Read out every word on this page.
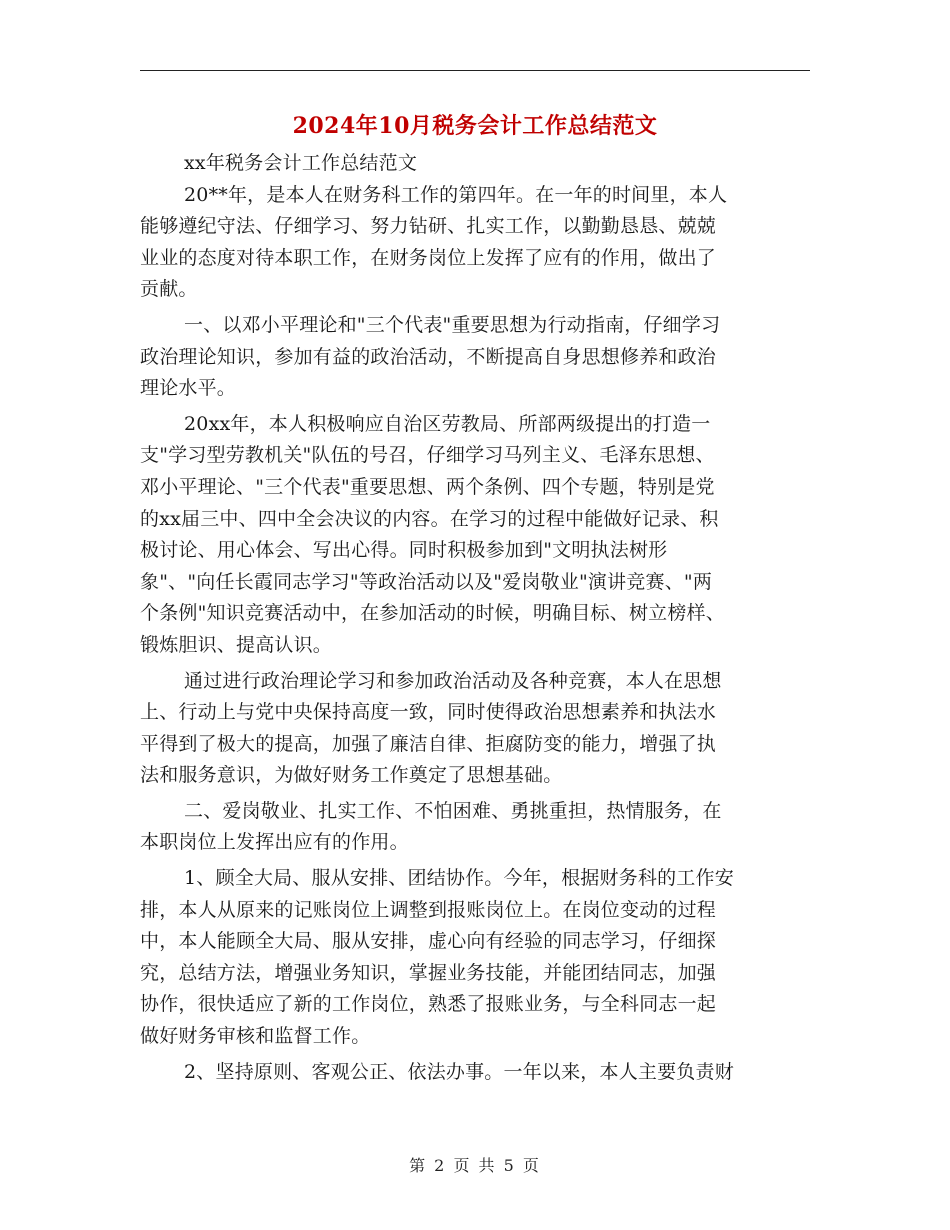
2024年10月税务会计工作总结范文
xx年税务会计工作总结范文
20**年，是本人在财务科工作的第四年。在一年的时间里，本人
能够遵纪守法、仔细学习、努力钻研、扎实工作，以勤勤恳恳、兢兢
业业的态度对待本职工作，在财务岗位上发挥了应有的作用，做出了
贡献。
一、以邓小平理论和"三个代表"重要思想为行动指南，仔细学习
政治理论知识，参加有益的政治活动，不断提高自身思想修养和政治
理论水平。
20xx年，本人积极响应自治区劳教局、所部两级提出的打造一
支"学习型劳教机关"队伍的号召，仔细学习马列主义、毛泽东思想、
邓小平理论、"三个代表"重要思想、两个条例、四个专题，特别是党
的xx届三中、四中全会决议的内容。在学习的过程中能做好记录、积
极讨论、用心体会、写出心得。同时积极参加到"文明执法树形
象"、"向任长霞同志学习"等政治活动以及"爱岗敬业"演讲竞赛、"两
个条例"知识竞赛活动中，在参加活动的时候，明确目标、树立榜样、
锻炼胆识、提高认识。
通过进行政治理论学习和参加政治活动及各种竞赛，本人在思想
上、行动上与党中央保持高度一致，同时使得政治思想素养和执法水
平得到了极大的提高，加强了廉洁自律、拒腐防变的能力，增强了执
法和服务意识，为做好财务工作奠定了思想基础。
二、爱岗敬业、扎实工作、不怕困难、勇挑重担，热情服务，在
本职岗位上发挥出应有的作用。
1、顾全大局、服从安排、团结协作。今年，根据财务科的工作安
排，本人从原来的记账岗位上调整到报账岗位上。在岗位变动的过程
中，本人能顾全大局、服从安排，虚心向有经验的同志学习，仔细探
究，总结方法，增强业务知识，掌握业务技能，并能团结同志，加强
协作，很快适应了新的工作岗位，熟悉了报账业务，与全科同志一起
做好财务审核和监督工作。
2、坚持原则、客观公正、依法办事。一年以来，本人主要负责财
第 2 页 共 5 页
